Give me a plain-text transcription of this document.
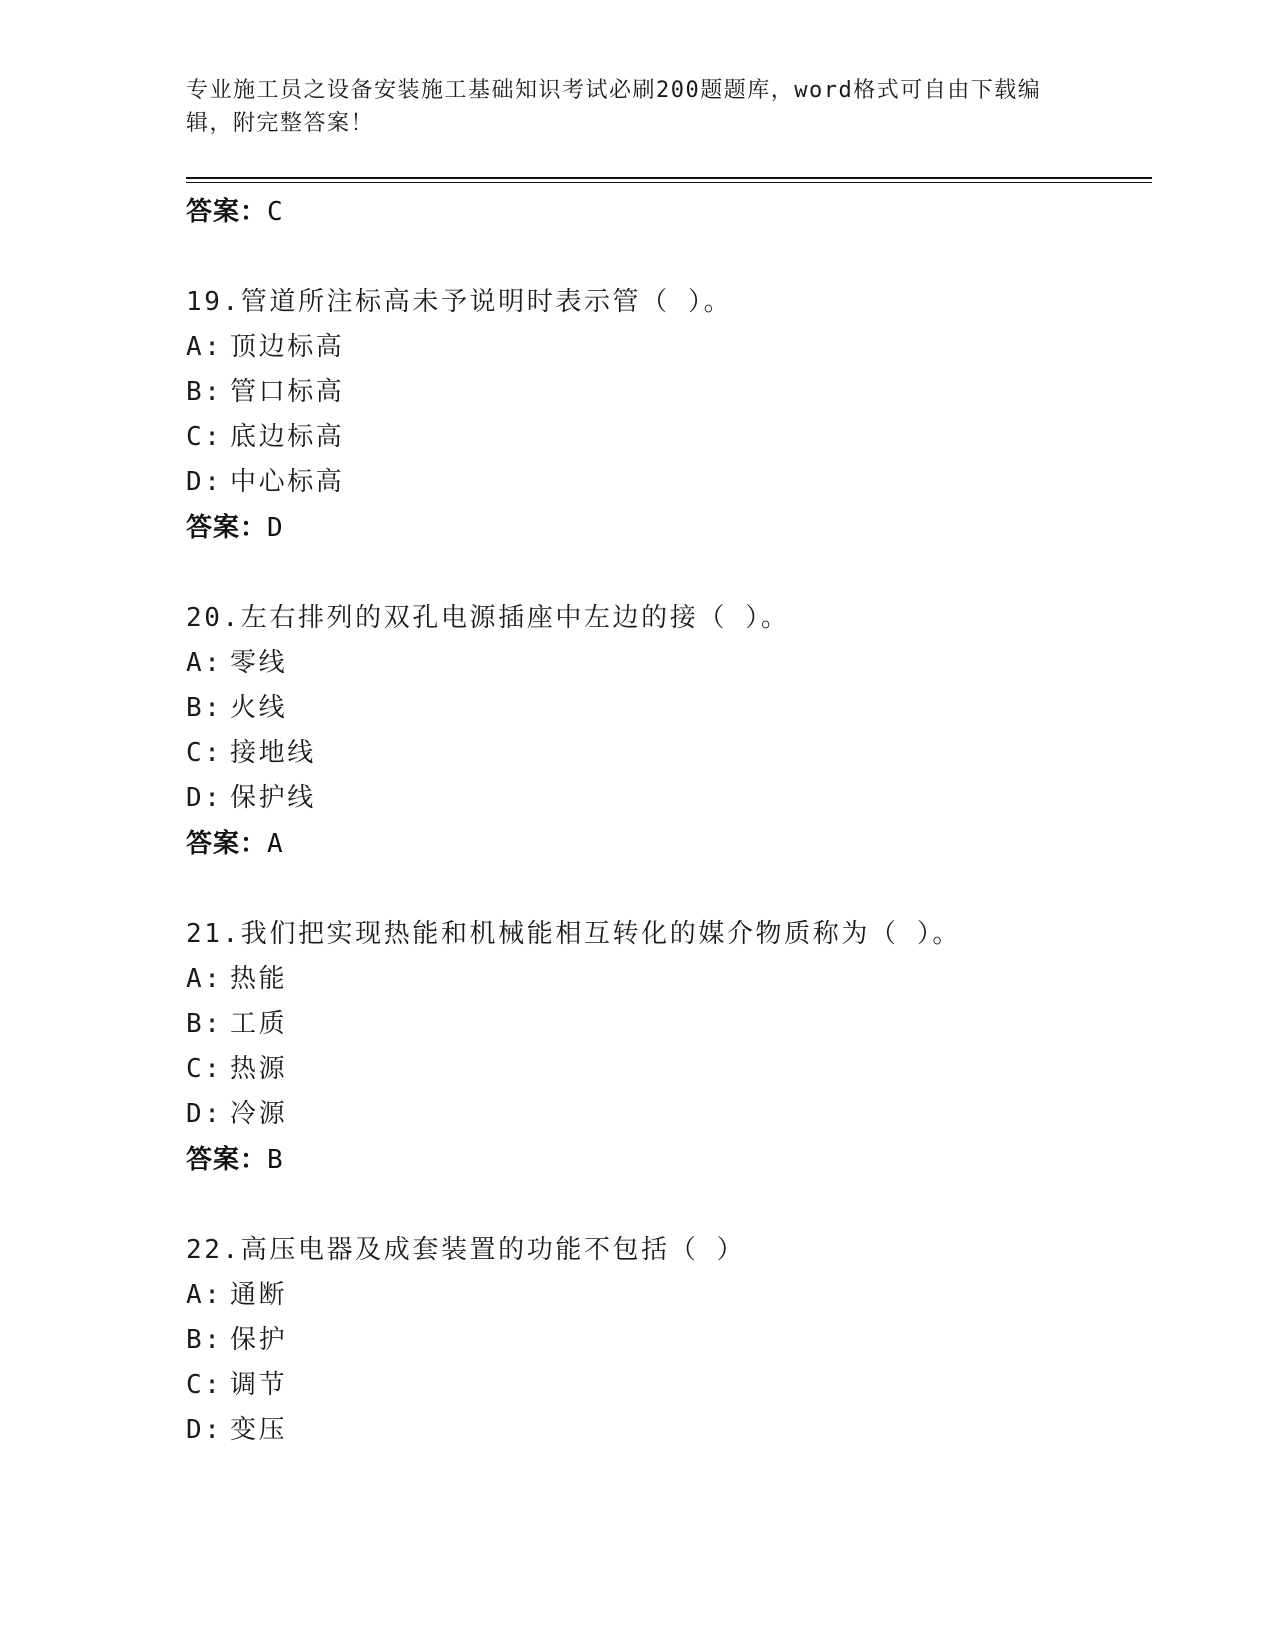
专业施工员之设备安装施工基础知识考试必刷200题题库，word格式可自由下载编辑，附完整答案！
答案：C
19.管道所注标高未予说明时表示管（ ）。
A: 顶边标高
B: 管口标高
C: 底边标高
D: 中心标高
答案：D
20.左右排列的双孔电源插座中左边的接（ ）。
A: 零线
B: 火线
C: 接地线
D: 保护线
答案：A
21.我们把实现热能和机械能相互转化的媒介物质称为（ ）。
A: 热能
B: 工质
C: 热源
D: 冷源
答案：B
22.高压电器及成套装置的功能不包括（ ）
A: 通断
B: 保护
C: 调节
D: 变压
